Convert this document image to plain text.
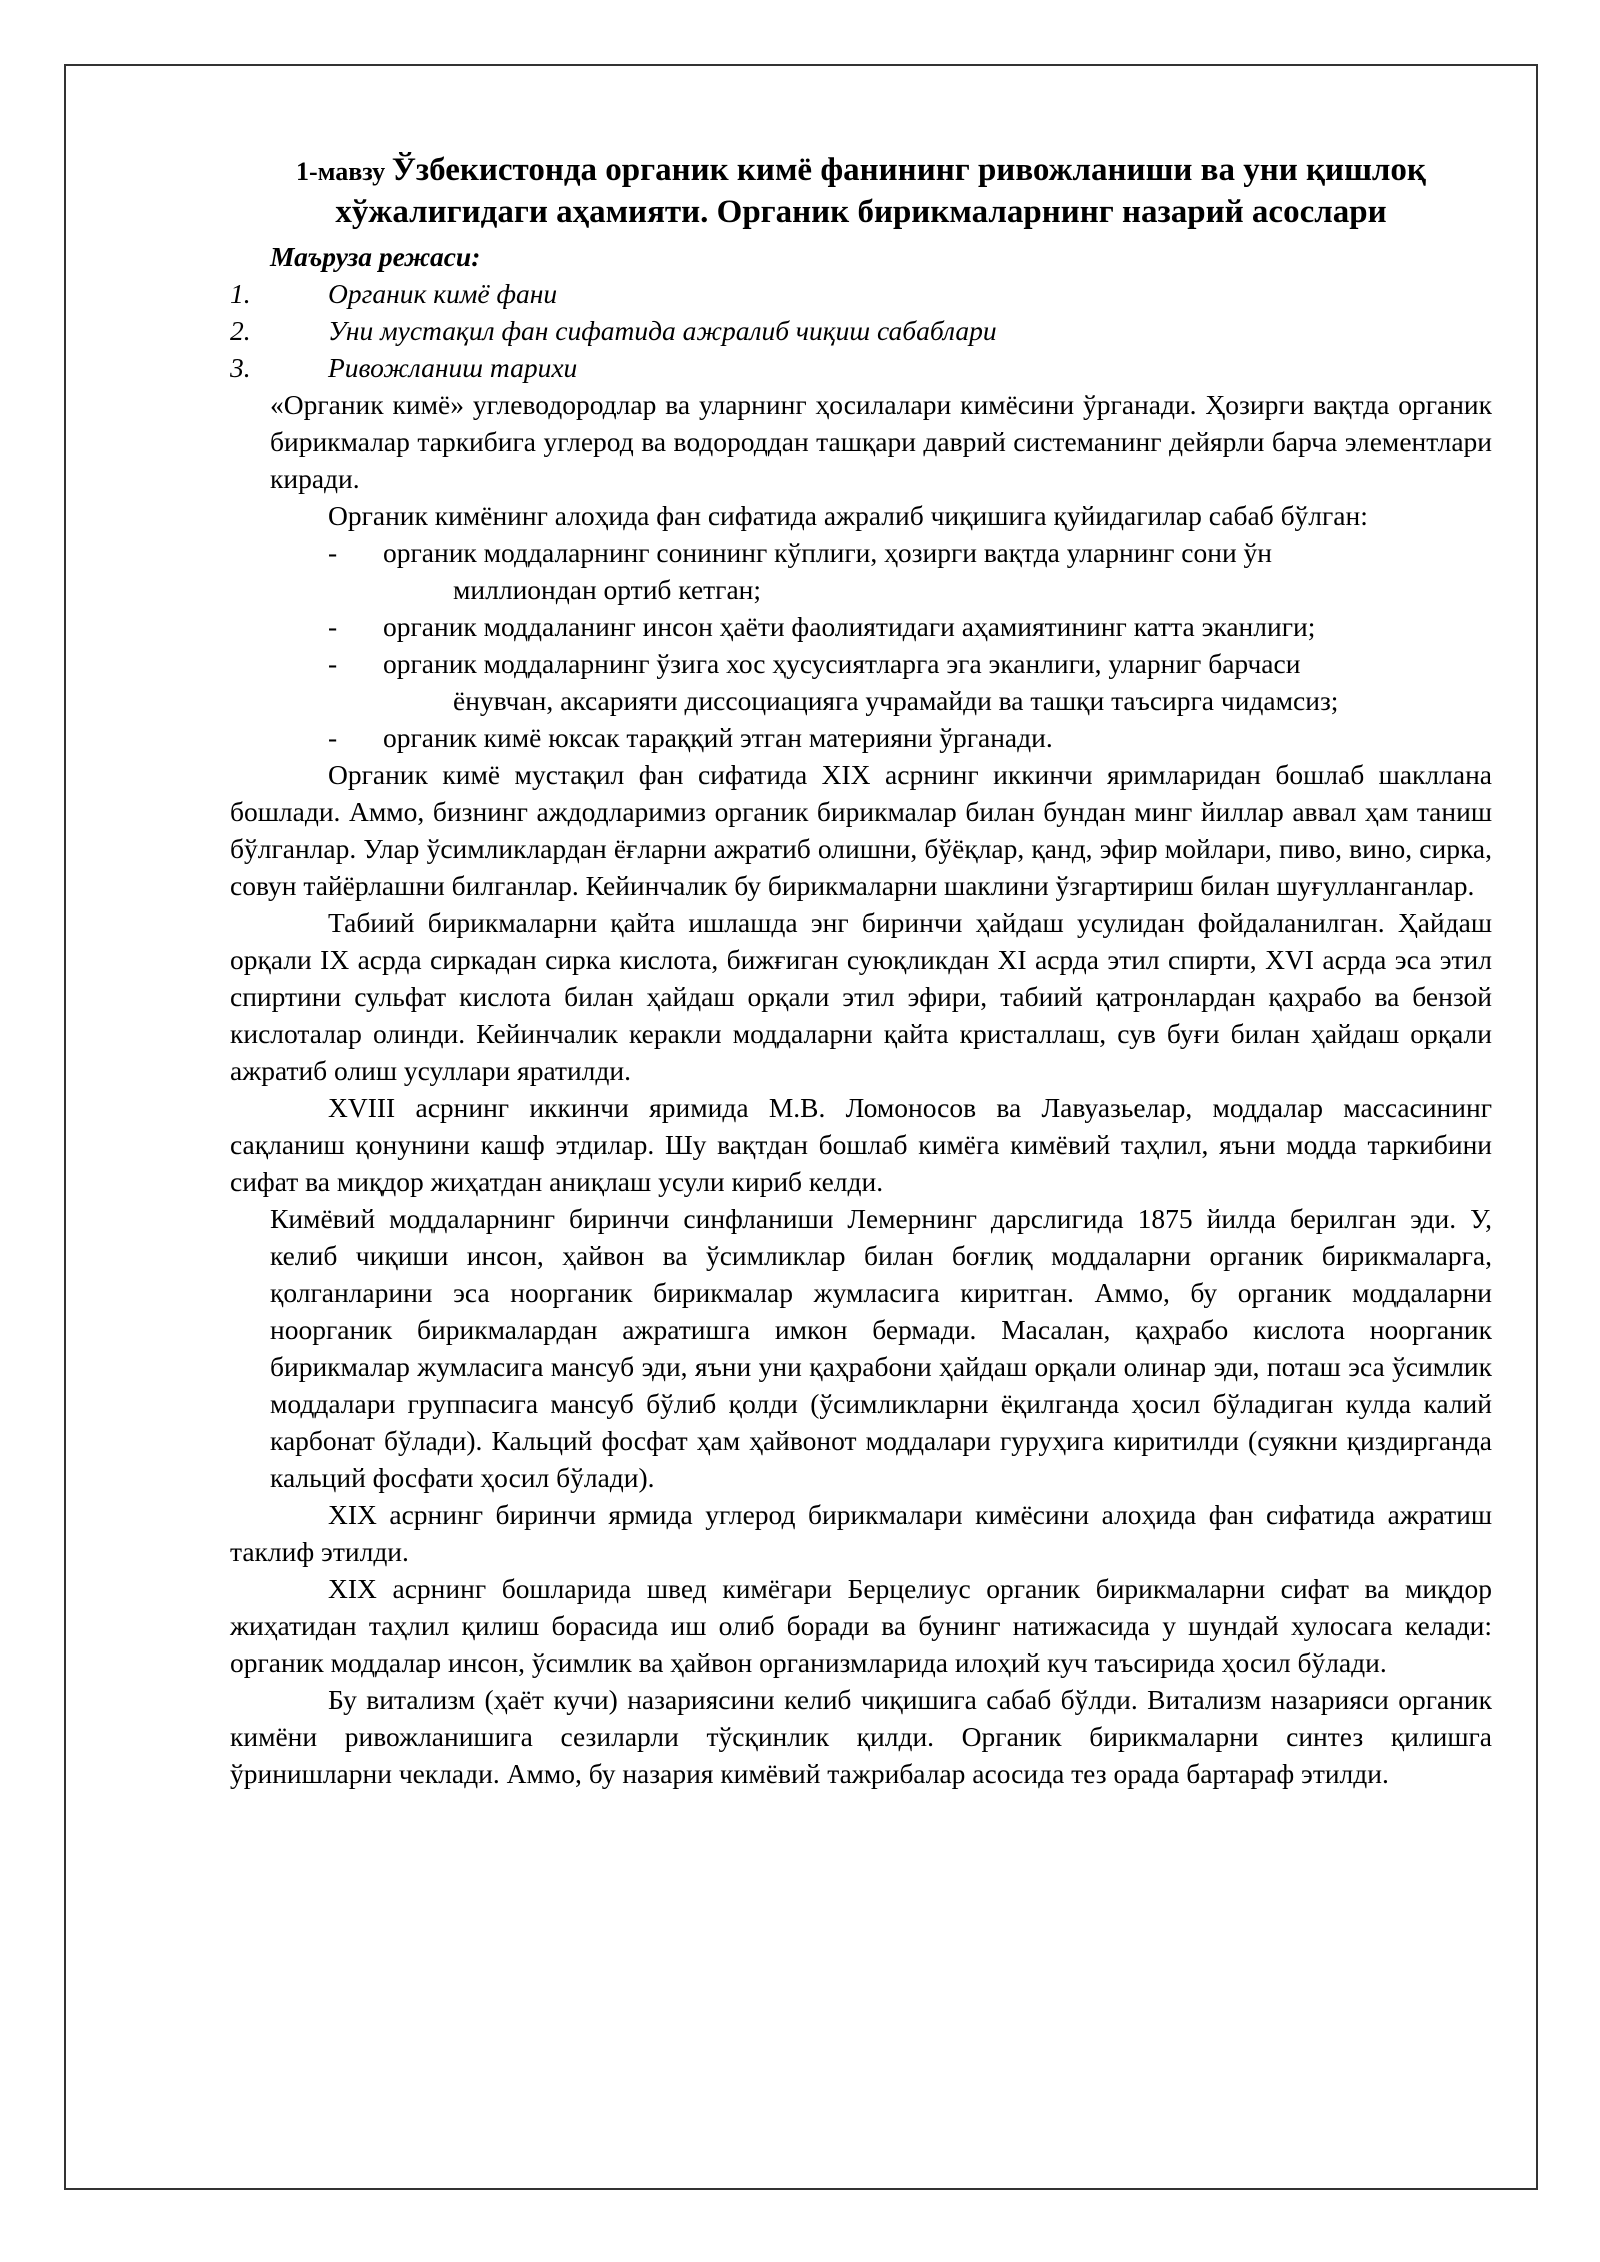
1-мавзу Ўзбекистонда органик кимё фанининг ривожланиши ва уни қишлоқ хўжалигидаги аҳамияти. Органик бирикмаларнинг назарий асослари
Маъруза режаси:
1.	Органик кимё фани
2.	Уни мустақил фан сифатида ажралиб чиқиш сабаблари
3.	Ривожланиш тарихи

«Органик кимё» углеводородлар ва уларнинг ҳосилалари кимёсини ўрганади. Ҳозирги вақтда органик бирикмалар таркибига углерод ва водороддан ташқари даврий системанинг дейярли барча элементлари киради.

Органик кимёнинг алоҳида фан сифатида ажралиб чиқишига қуйидагилар сабаб бўлган:

- органик моддаларнинг сонининг кўплиги, ҳозирги вақтда уларнинг сони ўн
миллиондан ортиб кетган;
- органик моддаланинг инсон ҳаёти фаолиятидаги аҳамиятининг катта эканлиги;
- органик моддаларнинг ўзига хос ҳусусиятларга эга эканлиги, уларниг барчаси
ёнувчан, аксарияти диссоциацияга учрамайди ва ташқи таъсирга чидамсиз;
- органик кимё юксак тараққий этган материяни ўрганади.

Органик кимё мустақил фан сифатида XIX асрнинг иккинчи яримларидан бошлаб шакллана бошлади. Аммо, бизнинг аждодларимиз органик бирикмалар билан бундан минг йиллар аввал ҳам таниш бўлганлар. Улар ўсимликлардан ёғларни ажратиб олишни, бўёқлар, қанд, эфир мойлари, пиво, вино, сирка, совун тайёрлашни билганлар. Кейинчалик бу бирикмаларни шаклини ўзгартириш билан шуғулланганлар.

Табиий бирикмаларни қайта ишлашда энг биринчи ҳайдаш усулидан фойдаланилган. Ҳайдаш орқали IX асрда сиркадан сирка кислота, бижғиган суюқликдан XI асрда этил спирти, XVI асрда эса этил спиртини сульфат кислота билан ҳайдаш орқали этил эфири, табиий қатронлардан қаҳрабо ва бензой кислоталар олинди. Кейинчалик керакли моддаларни қайта кристаллаш, сув буғи билан ҳайдаш орқали ажратиб олиш усуллари яратилди.

XVIII асрнинг иккинчи яримида М.В. Ломоносов ва Лавуазьелар, моддалар массасининг сақланиш қонунини кашф этдилар. Шу вақтдан бошлаб кимёга кимёвий таҳлил, яъни модда таркибини сифат ва миқдор жиҳатдан аниқлаш усули кириб келди.

Кимёвий моддаларнинг биринчи синфланиши Лемернинг дарслигида 1875 йилда берилган эди. У, келиб чиқиши инсон, ҳайвон ва ўсимликлар билан боғлиқ моддаларни органик бирикмаларга, қолганларини эса ноорганик бирикмалар жумласига киритган. Аммо, бу органик моддаларни ноорганик бирикмалардан ажратишга имкон бермади. Масалан, қаҳрабо кислота ноорганик бирикмалар жумласига мансуб эди, яъни уни қаҳрабони ҳайдаш орқали олинар эди, поташ эса ўсимлик моддалари группасига мансуб бўлиб қолди (ўсимликларни ёқилганда ҳосил бўладиган кулда калий карбонат бўлади). Кальций фосфат ҳам ҳайвонот моддалари гуруҳига киритилди (суякни қиздирганда кальций фосфати ҳосил бўлади).

XIX асрнинг биринчи ярмида углерод бирикмалари кимёсини алоҳида фан сифатида ажратиш таклиф этилди.

XIX асрнинг бошларида швед кимёгари Берцелиус органик бирикмаларни сифат ва миқдор жиҳатидан таҳлил қилиш борасида иш олиб боради ва бунинг натижасида у шундай хулосага келади: органик моддалар инсон, ўсимлик ва ҳайвон организмларида илоҳий куч таъсирида ҳосил бўлади.

Бу витализм (ҳаёт кучи) назариясини келиб чиқишига сабаб бўлди. Витализм назарияси органик кимёни ривожланишига сезиларли тўсқинлик қилди. Органик бирикмаларни синтез қилишга ўринишларни чеклади. Аммо, бу назария кимёвий тажрибалар асосида тез орада бартараф этилди.
